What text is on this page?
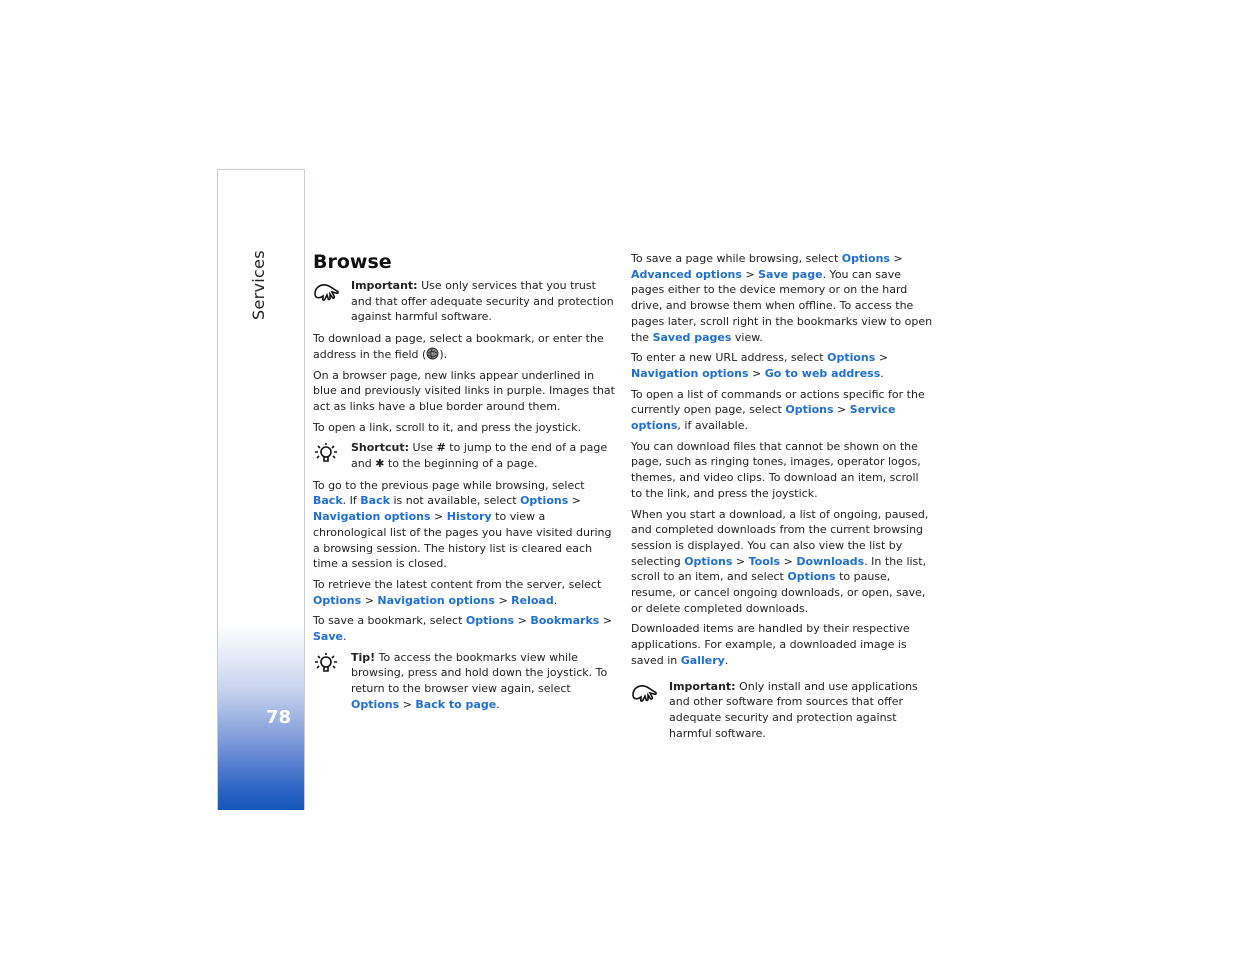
Services
78
Browse
Important: Use only services that you trust and that offer adequate security and protection against harmful software.

To download a page, select a bookmark, or enter the address in the field ( ).

On a browser page, new links appear underlined in blue and previously visited links in purple. Images that act as links have a blue border around them.

To open a link, scroll to it, and press the joystick.

Shortcut: Use # to jump to the end of a page and ✱ to the beginning of a page.

To go to the previous page while browsing, select Back. If Back is not available, select Options > Navigation options > History to view a chronological list of the pages you have visited during a browsing session. The history list is cleared each time a session is closed.

To retrieve the latest content from the server, select Options > Navigation options > Reload.

To save a bookmark, select Options > Bookmarks > Save.

Tip! To access the bookmarks view while browsing, press and hold down the joystick. To return to the browser view again, select Options > Back to page.

To save a page while browsing, select Options > Advanced options > Save page. You can save pages either to the device memory or on the hard drive, and browse them when offline. To access the pages later, scroll right in the bookmarks view to open the Saved pages view.

To enter a new URL address, select Options > Navigation options > Go to web address.

To open a list of commands or actions specific for the currently open page, select Options > Service options, if available.

You can download files that cannot be shown on the page, such as ringing tones, images, operator logos, themes, and video clips. To download an item, scroll to the link, and press the joystick.

When you start a download, a list of ongoing, paused, and completed downloads from the current browsing session is displayed. You can also view the list by selecting Options > Tools > Downloads. In the list, scroll to an item, and select Options to pause, resume, or cancel ongoing downloads, or open, save, or delete completed downloads.

Downloaded items are handled by their respective applications. For example, a downloaded image is saved in Gallery.

Important: Only install and use applications and other software from sources that offer adequate security and protection against harmful software.
